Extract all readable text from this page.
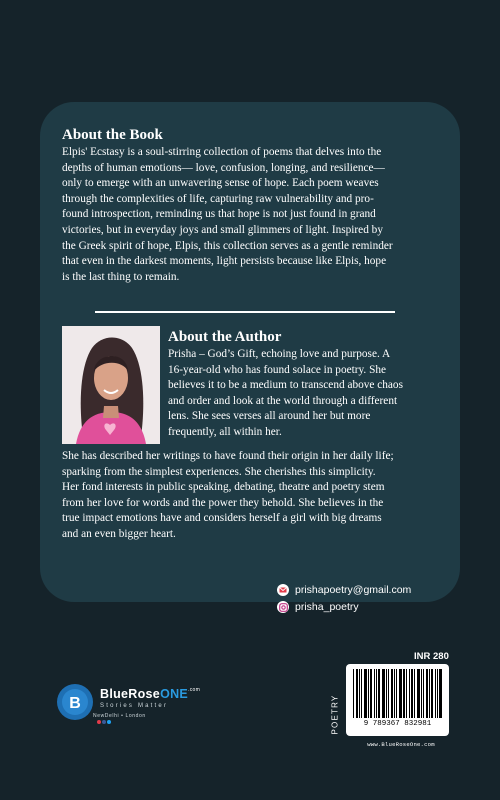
About the Book

Elpis' Ecstasy is a soul-stirring collection of poems that delves into the
depths of human emotions— love, confusion, longing, and resilience—
only to emerge with an unwavering sense of hope. Each poem weaves
through the complexities of life, capturing raw vulnerability and pro-
found introspection, reminding us that hope is not just found in grand
victories, but in everyday joys and small glimmers of light. Inspired by
the Greek spirit of hope, Elpis, this collection serves as a gentle reminder
that even in the darkest moments, light persists because like Elpis, hope
is the last thing to remain.

About the Author

Prisha – God’s Gift, echoing love and purpose. A
16-year-old who has found solace in poetry. She
believes it to be a medium to transcend above chaos
and order and look at the world through a different
lens. She sees verses all around her but more
frequently, all within her.

She has described her writings to have found their origin in her daily life;
sparking from the simplest experiences. She cherishes this simplicity.
Her fond interests in public speaking, debating, theatre and poetry stem
from her love for words and the power they behold. She believes in the
true impact emotions have and considers herself a girl with big dreams
and an even bigger heart.

prishapoetry@gmail.com
prisha_poetry
B
BlueRoseONE$^{.com}$
Stories Matter
NewDelhi • London
INR 280
POETRY	9 789367 832981
www.BlueRoseOne.com
